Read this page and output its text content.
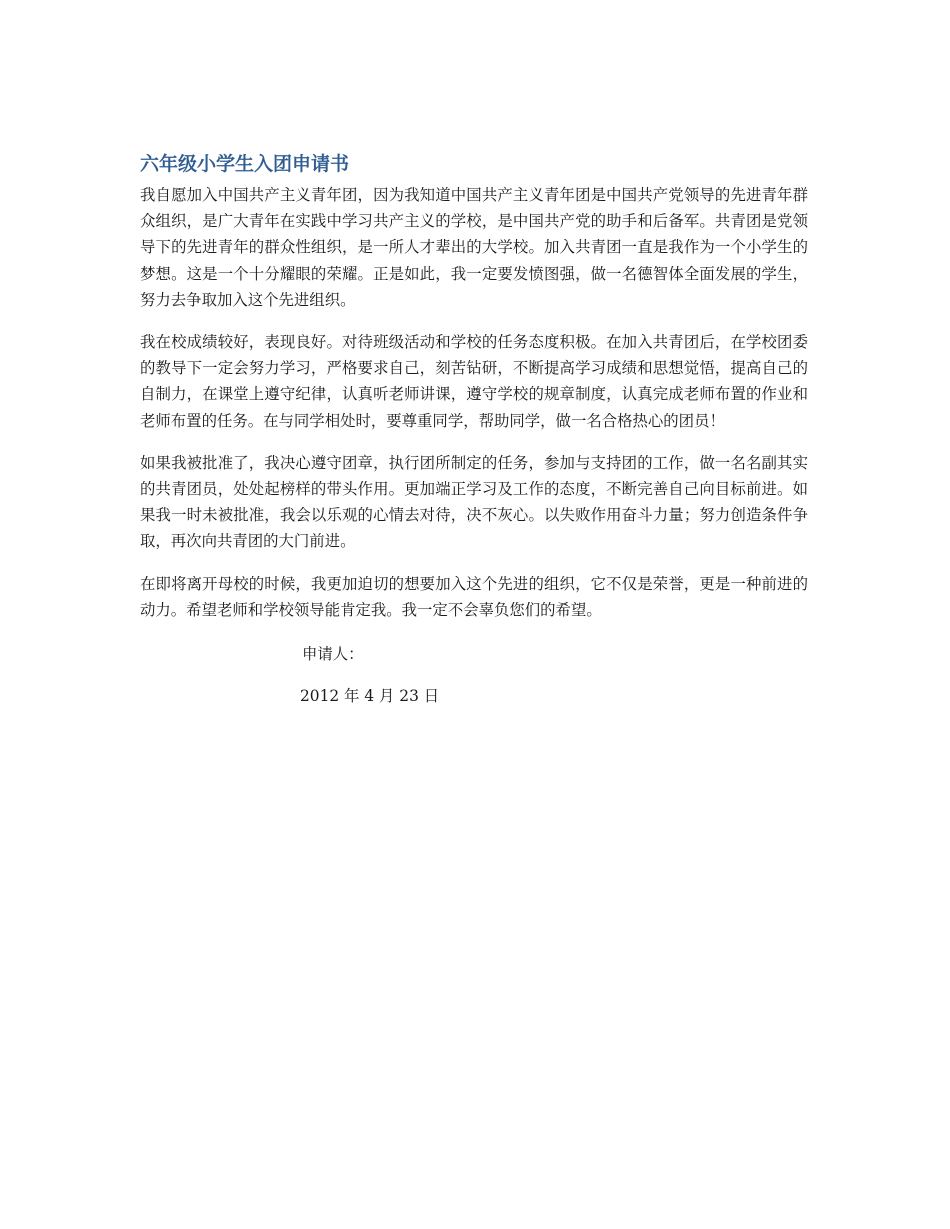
六年级小学生入团申请书

我自愿加入中国共产主义青年团，因为我知道中国共产主义青年团是中国共产党领导的先进青年群众组织，是广大青年在实践中学习共产主义的学校，是中国共产党的助手和后备军。共青团是党领导下的先进青年的群众性组织，是一所人才辈出的大学校。加入共青团一直是我作为一个小学生的梦想。这是一个十分耀眼的荣耀。正是如此，我一定要发愤图强，做一名德智体全面发展的学生，努力去争取加入这个先进组织。

我在校成绩较好，表现良好。对待班级活动和学校的任务态度积极。在加入共青团后，在学校团委的教导下一定会努力学习，严格要求自己，刻苦钻研，不断提高学习成绩和思想觉悟，提高自己的自制力，在课堂上遵守纪律，认真听老师讲课，遵守学校的规章制度，认真完成老师布置的作业和老师布置的任务。在与同学相处时，要尊重同学，帮助同学，做一名合格热心的团员！

如果我被批准了，我决心遵守团章，执行团所制定的任务，参加与支持团的工作，做一名名副其实的共青团员，处处起榜样的带头作用。更加端正学习及工作的态度，不断完善自己向目标前进。如果我一时未被批准，我会以乐观的心情去对待，决不灰心。以失败作用奋斗力量；努力创造条件争取，再次向共青团的大门前进。

在即将离开母校的时候，我更加迫切的想要加入这个先进的组织，它不仅是荣誉，更是一种前进的动力。希望老师和学校领导能肯定我。我一定不会辜负您们的希望。

申请人：
2012 年 4 月 23 日
